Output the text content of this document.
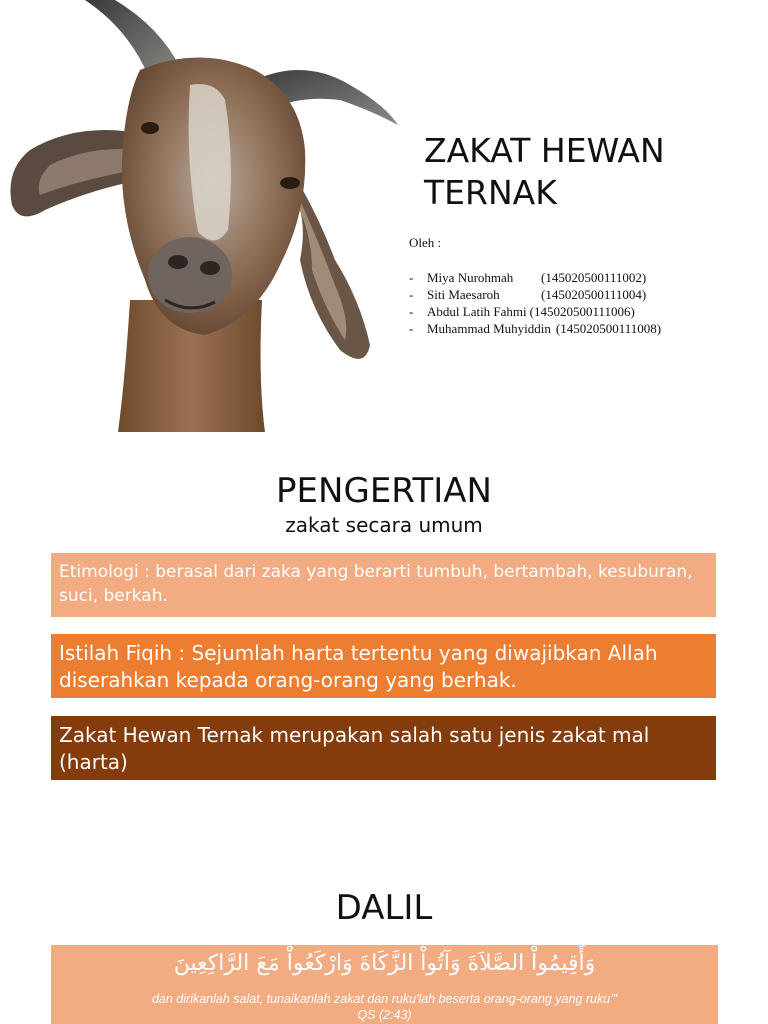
ZAKAT HEWAN
TERNAK
Oleh :
-	Miya Nurohmah	(145020500111002)
-	Siti Maesaroh	(145020500111004)
-	Abdul Latih Fahmi (145020500111006)
-	Muhammad Muhyiddin (145020500111008)
PENGERTIAN
zakat secara umum
Etimologi : berasal dari zaka yang berarti tumbuh, bertambah, kesuburan, suci, berkah.
Istilah Fiqih : Sejumlah harta tertentu yang diwajibkan Allah diserahkan kepada orang-orang yang berhak.
Zakat Hewan Ternak merupakan salah satu jenis zakat mal (harta)
DALIL
وَأَقِيمُواْ الصَّلاَةَ وَآتُواْ الزَّكَاةَ وَارْكَعُواْ مَعَ الرَّاكِعِينَ
dan dirikanlah salat, tunaikanlah zakat dan ruku'lah beserta orang-orang yang ruku'"
QS (2:43)
